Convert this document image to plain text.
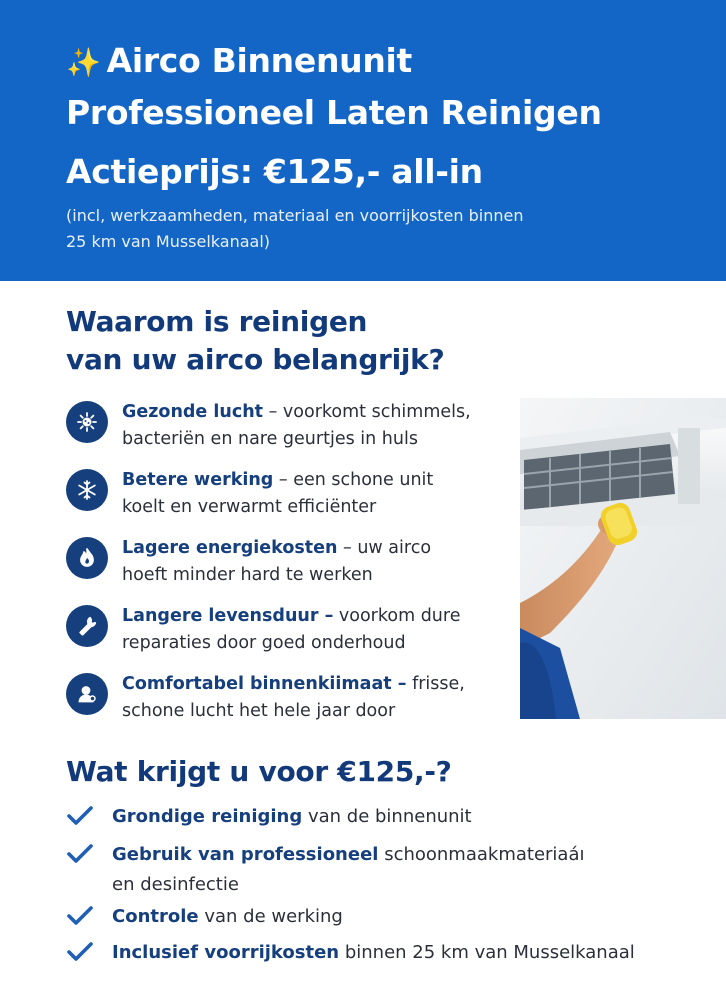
✨ Airco Binnenunit
Professioneel Laten Reinigen
Actieprijs: €125,- all-in
(incl, werkzaamheden, materiaal en voorrijkosten binnen
25 km van Musselkanaal)
Waarom is reinigen
van uw airco belangrijk?
Gezonde lucht – voorkomt schimmels,
bacteriën en nare geurtjes in huls
Betere werking – een schone unit
koelt en verwarmt efficiënter
Lagere energiekosten – uw airco
hoeft minder hard te werken
Langere levensduur – voorkom dure
reparaties door goed onderhoud
Comfortabel binnenkiimaat – frisse,
schone lucht het hele jaar door
Wat krijgt u voor €125,-?
Grondige reiniging van de binnenunit
Gebruik van professioneel schoonmaakmateriaáı
en desinfectie
Controle van de werking
Inclusief voorrijkosten binnen 25 km van Musselkanaal
